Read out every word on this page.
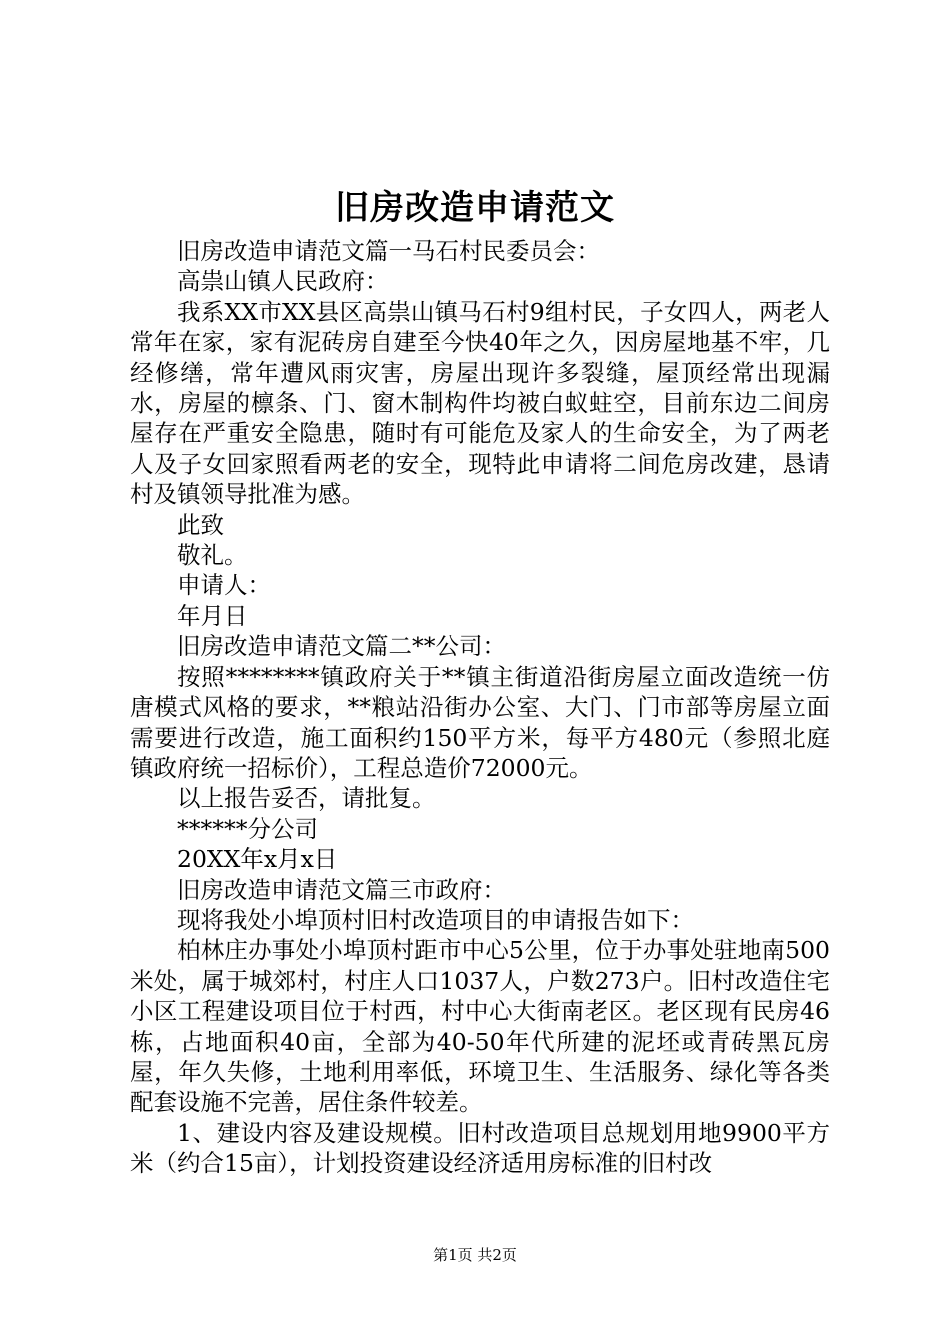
旧房改造申请范文

旧房改造申请范文篇一马石村民委员会：

高祟山镇人民政府：

我系XX市XX县区高祟山镇马石村9组村民，子女四人，两老人常年在家，家有泥砖房自建至今快40年之久，因房屋地基不牢，几经修缮，常年遭风雨灾害，房屋出现许多裂缝，屋顶经常出现漏水，房屋的檩条、门、窗木制构件均被白蚁蛀空，目前东边二间房屋存在严重安全隐患，随时有可能危及家人的生命安全，为了两老人及子女回家照看两老的安全，现特此申请将二间危房改建，恳请村及镇领导批准为感。

此致

敬礼。

申请人：

年月日

旧房改造申请范文篇二**公司：

按照********镇政府关于**镇主街道沿街房屋立面改造统一仿唐模式风格的要求，**粮站沿街办公室、大门、门市部等房屋立面需要进行改造，施工面积约150平方米，每平方480元（参照北庭镇政府统一招标价），工程总造价72000元。

以上报告妥否，请批复。

******分公司

20XX年x月x日

旧房改造申请范文篇三市政府：

现将我处小埠顶村旧村改造项目的申请报告如下：

柏林庄办事处小埠顶村距市中心5公里，位于办事处驻地南500米处，属于城郊村，村庄人口1037人，户数273户。旧村改造住宅小区工程建设项目位于村西，村中心大街南老区。老区现有民房46栋，占地面积40亩，全部为40-50年代所建的泥坯或青砖黑瓦房屋，年久失修，土地利用率低，环境卫生、生活服务、绿化等各类配套设施不完善，居住条件较差。

1、建设内容及建设规模。旧村改造项目总规划用地9900平方米（约合15亩），计划投资建设经济适用房标准的旧村改

第1页 共2页
